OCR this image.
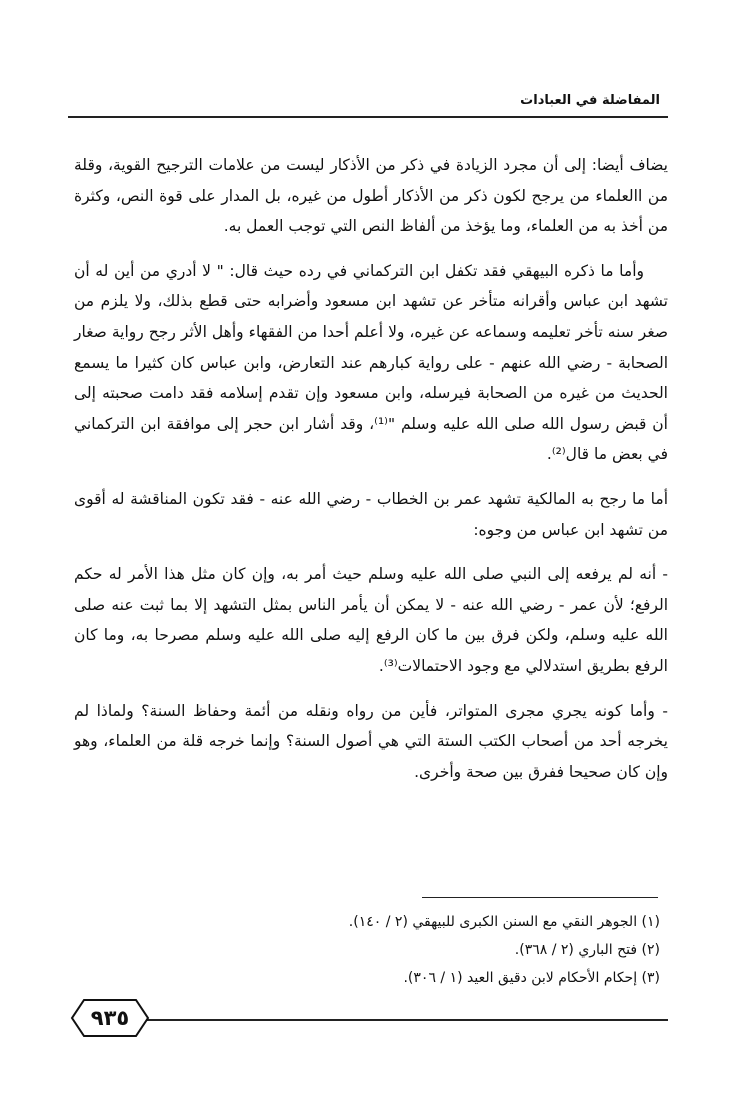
المفاضلة في العبادات

يضاف أيضا: إلى أن مجرد الزيادة في ذكر من الأذكار ليست من علامات الترجيح القوية، وقلة من االعلماء من يرجح لكون ذكر من الأذكار أطول من غيره، بل المدار على قوة النص، وكثرة من أخذ به من العلماء، وما يؤخذ من ألفاظ النص التي توجب العمل به.

وأما ما ذكره البيهقي فقد تكفل ابن التركماني في رده حيث قال: " لا أدري من أين له أن تشهد ابن عباس وأقرانه متأخر عن تشهد ابن مسعود وأضرابه حتى قطع بذلك، ولا يلزم من صغر سنه تأخر تعليمه وسماعه عن غيره، ولا أعلم أحدا من الفقهاء وأهل الأثر رجح رواية صغار الصحابة - رضي الله عنهم - على رواية كبارهم عند التعارض، وابن عباس كان كثيرا ما يسمع الحديث من غيره من الصحابة فيرسله، وابن مسعود وإن تقدم إسلامه فقد دامت صحبته إلى أن قبض رسول الله صلى الله عليه وسلم "⁽¹⁾، وقد أشار ابن حجر إلى موافقة ابن التركماني في بعض ما قال⁽²⁾.

أما ما رجح به المالكية تشهد عمر بن الخطاب - رضي الله عنه - فقد تكون المناقشة له أقوى من تشهد ابن عباس من وجوه:

- أنه لم يرفعه إلى النبي صلى الله عليه وسلم حيث أمر به، وإن كان مثل هذا الأمر له حكم الرفع؛ لأن عمر - رضي الله عنه - لا يمكن أن يأمر الناس بمثل التشهد إلا بما ثبت عنه صلى الله عليه وسلم، ولكن فرق بين ما كان الرفع إليه صلى الله عليه وسلم مصرحا به، وما كان الرفع بطريق استدلالي مع وجود الاحتمالات⁽³⁾.

- وأما كونه يجري مجرى المتواتر، فأين من رواه ونقله من أئمة وحفاظ السنة؟ ولماذا لم يخرجه أحد من أصحاب الكتب الستة التي هي أصول السنة؟ وإنما خرجه قلة من العلماء، وهو وإن كان صحيحا ففرق بين صحة وأخرى.

(١) الجوهر النقي مع السنن الكبرى للبيهقي (٢ / ١٤٠).

(٢) فتح الباري (٢ / ٣٦٨).

(٣) إحكام الأحكام لابن دقيق العيد (١ / ٣٠٦).

٩٣٥
